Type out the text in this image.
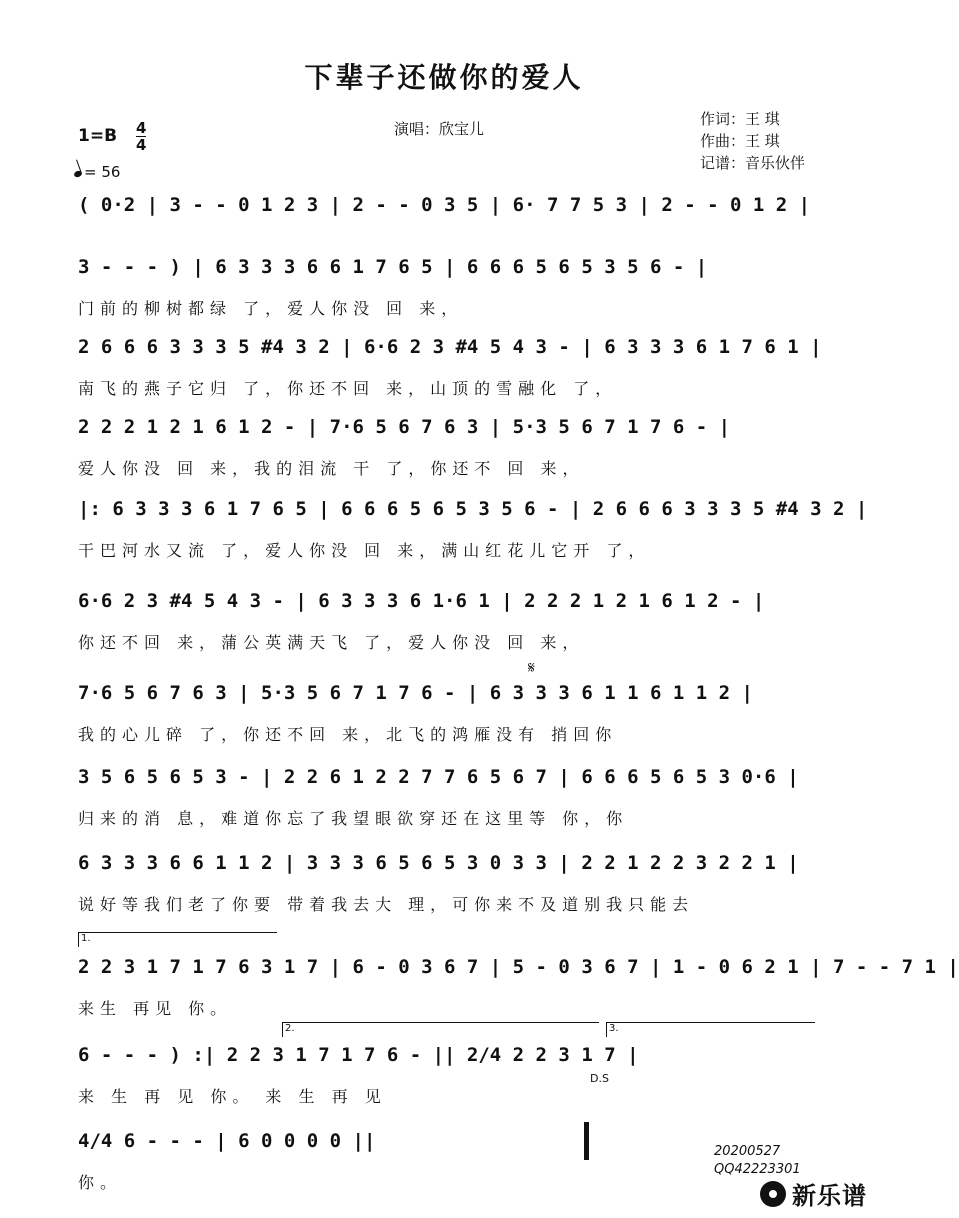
下辈子还做你的爱人
演唱：欣宝儿
作词：王 琪
作曲：王 琪
记谱：音乐伙伴
1=B 4
4
= 56
( 0·2 | 3 - - 0 1 2 3 | 2 - - 0 3 5 | 6· 7 7 5 3 | 2 - - 0 1 2 |
3 - - - ) | 6 3 3 3 6 6 1 7 6 5 | 6 6 6 5 6 5 3 5 6 - |
门前的柳树都绿 了，爱人你没 回 来，
2 6 6 6 3 3 3 5 #4 3 2 | 6·6 2 3 #4 5 4 3 - | 6 3 3 3 6 1 7 6 1 |
南飞的燕子它归 了，你还不回 来，山顶的雪融化 了，
2 2 2 1 2 1 6 1 2 - | 7·6 5 6 7 6 3 | 5·3 5 6 7 1 7 6 - |
爱人你没 回 来，我的泪流 干 了，你还不 回 来，
|: 6 3 3 3 6 1 7 6 5 | 6 6 6 5 6 5 3 5 6 - | 2 6 6 6 3 3 3 5 #4 3 2 |
干巴河水又流 了，爱人你没 回 来，满山红花儿它开 了，
6·6 2 3 #4 5 4 3 - | 6 3 3 3 6 1·6 1 | 2 2 2 1 2 1 6 1 2 - |
你还不回 来，蒲公英满天飞 了，爱人你没 回 来，
𝄋
7·6 5 6 7 6 3 | 5·3 5 6 7 1 7 6 - | 6 3 3 3 6 1 1 6 1 1 2 |
我的心儿碎 了，你还不回 来，北飞的鸿雁没有 捎回你
3 5 6 5 6 5 3 - | 2 2 6 1 2 2 7 7 6 5 6 7 | 6 6 6 5 6 5 3 0·6 |
归来的消 息，难道你忘了我望眼欲穿还在这里等 你，你
6 3 3 3 6 6 1 1 2 | 3 3 3 6 5 6 5 3 0 3 3 | 2 2 1 2 2 3 2 2 1 |
说好等我们老了你要 带着我去大 理，可你来不及道别我只能去
1.
2 2 3 1 7 1 7 6 3 1 7 | 6 - 0 3 6 7 | 5 - 0 3 6 7 | 1 - 0 6 2 1 | 7 - - 7 1 |
来生 再见 你。
2.	3.
6 - - - ) :| 2 2 3 1 7 1 7 6 - || 2/4 2 2 3 1 7 |
来 生 再 见 你。 来 生 再 见
D.S
4/4 6 - - - | 6 0 0 0 0 ||
你。
20200527
QQ42223301
新乐谱
